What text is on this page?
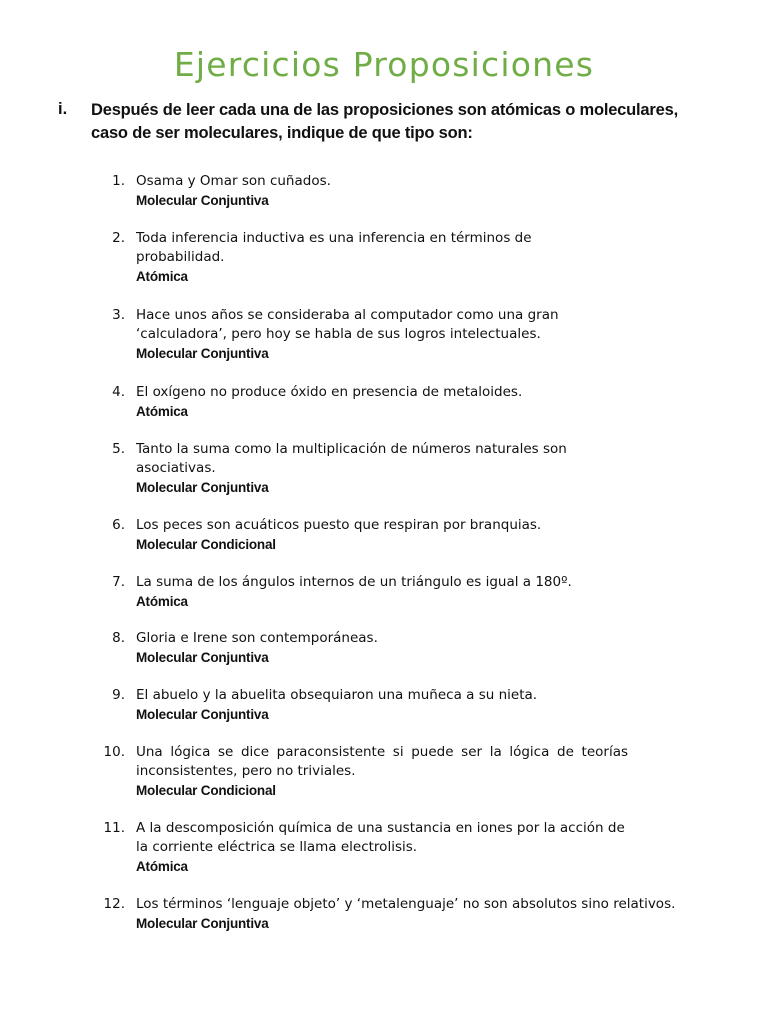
Ejercicios Proposiciones
i. Después de leer cada una de las proposiciones son atómicas o moleculares, caso de ser moleculares, indique de que tipo son:
1. Osama y Omar son cuñados.
Molecular Conjuntiva
2. Toda inferencia inductiva es una inferencia en términos de probabilidad.
Atómica
3. Hace unos años se consideraba al computador como una gran ‘calculadora’, pero hoy se habla de sus logros intelectuales.
Molecular Conjuntiva
4. El oxígeno no produce óxido en presencia de metaloides.
Atómica
5. Tanto la suma como la multiplicación de números naturales son asociativas.
Molecular Conjuntiva
6. Los peces son acuáticos puesto que respiran por branquias.
Molecular Condicional
7. La suma de los ángulos internos de un triángulo es igual a 180º.
Atómica
8. Gloria e Irene son contemporáneas.
Molecular Conjuntiva
9. El abuelo y la abuelita obsequiaron una muñeca a su nieta.
Molecular Conjuntiva
10. Una lógica se dice paraconsistente si puede ser la lógica de teorías inconsistentes, pero no triviales.
Molecular Condicional
11. A la descomposición química de una sustancia en iones por la acción de la corriente eléctrica se llama electrolisis.
Atómica
12. Los términos ‘lenguaje objeto’ y ‘metalenguaje’ no son absolutos sino relativos.
Molecular Conjuntiva
